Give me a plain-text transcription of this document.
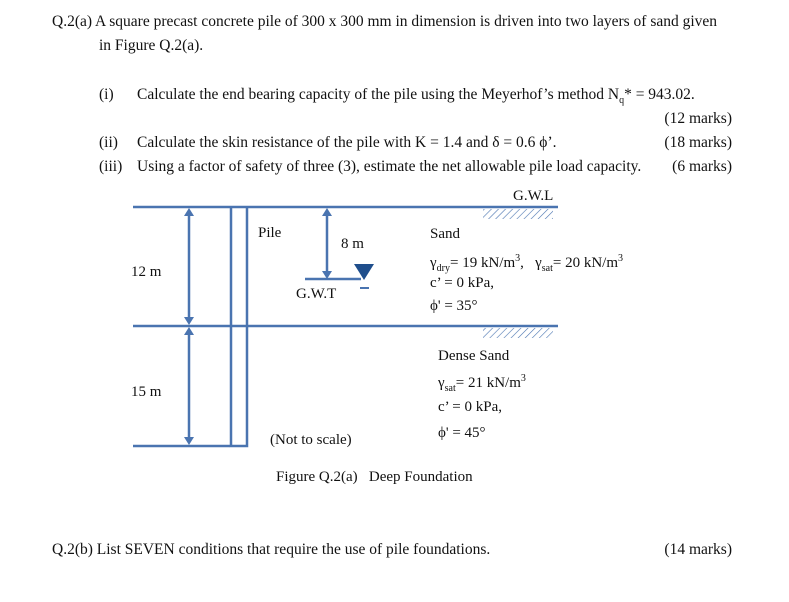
Q.2(a) A square precast concrete pile of 300 x 300 mm in dimension is driven into two layers of sand given
in Figure Q.2(a).
(i) Calculate the end bearing capacity of the pile using the Meyerhof’s method $N_q* = 943.02$.
(12 marks)
(ii) Calculate the skin resistance of the pile with K = 1.4 and δ = 0.6 ϕ’.	(18 marks)
(iii) Using a factor of safety of three (3), estimate the net allowable pile load capacity. (6 marks)
G.W.L
Pile
8 m
G.W.T
12 m
15 m
Sand
$\gamma_{dry}= 19$ $kN/m^3$,   $\gamma_{sat}= 20$ $kN/m^3$
c’ = 0 kPa,
ϕ' = 35°
Dense Sand
$\gamma_{sat}= 21$ $kN/m^3$
c’ = 0 kPa,
ϕ' = 45°
(Not to scale)
Figure Q.2(a)   Deep Foundation
Q.2(b) List SEVEN conditions that require the use of pile foundations.	(14 marks)
